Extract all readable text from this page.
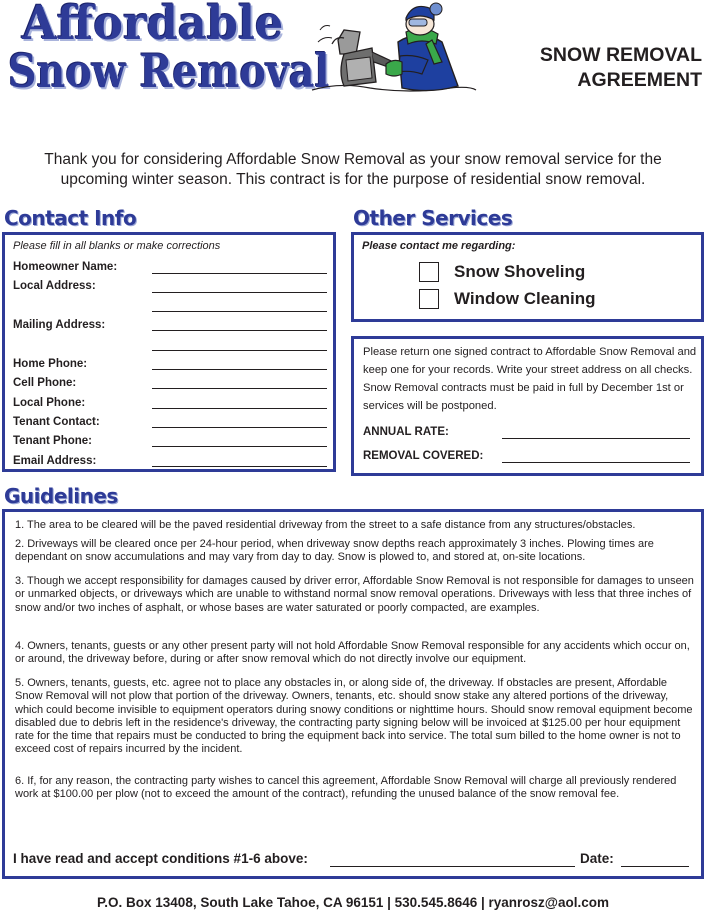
Affordable
Snow Removal	SNOW REMOVAL
AGREEMENT
Thank you for considering Affordable Snow Removal as your snow removal service for the upcoming winter season. This contract is for the purpose of residential snow removal.
Contact Info
Please fill in all blanks or make corrections
Homeowner Name:
Local Address:
Mailing Address:
Home Phone:
Cell Phone:
Local Phone:
Tenant Contact:
Tenant Phone:
Email Address:
Other Services
Please contact me regarding:
Snow Shoveling
Window Cleaning
Please return one signed contract to Affordable Snow Removal and keep one for your records. Write your street address on all checks. Snow Removal contracts must be paid in full by December 1st or services will be postponed.
ANNUAL RATE:
REMOVAL COVERED:
Guidelines
1. The area to be cleared will be the paved residential driveway from the street to a safe distance from any structures/obstacles.
2. Driveways will be cleared once per 24-hour period, when driveway snow depths reach approximately 3 inches. Plowing times are dependant on snow accumulations and may vary from day to day. Snow is plowed to, and stored at, on-site locations.
3. Though we accept responsibility for damages caused by driver error, Affordable Snow Removal is not responsible for damages to unseen or unmarked objects, or driveways which are unable to withstand normal snow removal operations. Driveways with less that three inches of snow and/or two inches of asphalt, or whose bases are water saturated or poorly compacted, are examples.
4. Owners, tenants, guests or any other present party will not hold Affordable Snow Removal responsible for any accidents which occur on, or around, the driveway before, during or after snow removal which do not directly involve our equipment.
5. Owners, tenants, guests, etc. agree not to place any obstacles in, or along side of, the driveway. If obstacles are present, Affordable Snow Removal will not plow that portion of the driveway. Owners, tenants, etc. should snow stake any altered portions of the driveway, which could become invisible to equipment operators during snowy conditions or nighttime hours. Should snow removal equipment become disabled due to debris left in the residence's driveway, the contracting party signing below will be invoiced at $125.00 per hour equipment rate for the time that repairs must be conducted to bring the equipment back into service. The total sum billed to the home owner is not to exceed cost of repairs incurred by the incident.
6. If, for any reason, the contracting party wishes to cancel this agreement, Affordable Snow Removal will charge all previously rendered work at $100.00 per plow (not to exceed the amount of the contract), refunding the unused balance of the snow removal fee.
I have read and accept conditions #1-6 above:	Date:
P.O. Box 13408, South Lake Tahoe, CA 96151 | 530.545.8646 | ryanrosz@aol.com
